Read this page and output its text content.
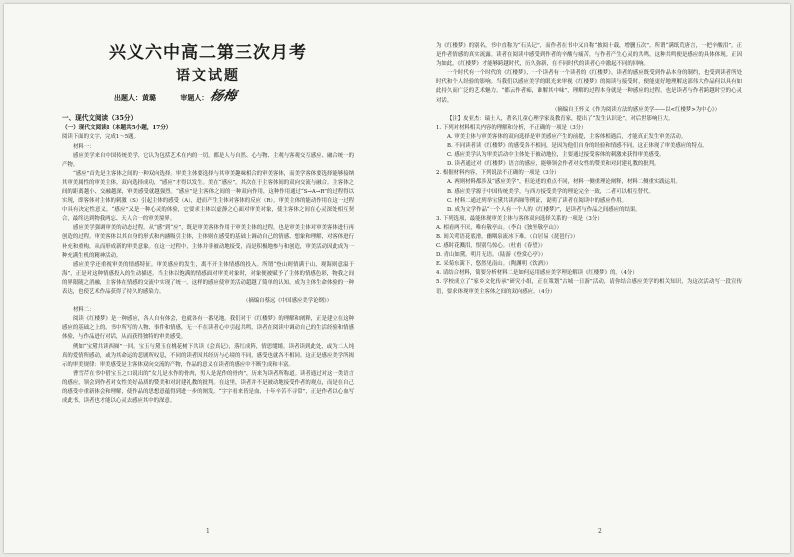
兴义六中高二第三次月考
语文试题
出题人：黄璐	审题人：杨梅
一、现代文阅读（35分）
（一）现代文阅读Ⅰ（本题共5小题，17分）

阅读下面的文字，完成1～5题。

材料一：

感应美学来自中国传统美学，它认为包括艺术在内的一切，都是人与自然、心与物、主观与客观交互感应、融合统一的产物。

“感应”首先是主客体之间的一种双向选择。审美主体要选择与其审美趣味相合的审美客体，而美学客体要选择能够接纳其审美属性的审美主体。双向选择成功，“感应”才得以发生。美在“感应”，其次在于主客体间的双向交流与融合。主客体之间的距离越小、交融越深，审美感受就越强烈。“感应”是主客体之间的一种双向作用，这种作用通过“S→A→R”的过程得以实现，即客体对主体的刺激（S）引起主体的感受（A），进而产生主体对客体的反应（R）。审美主体的能动作用在这一过程中具有决定性意义。“感应”又是一种心灵的体验，它要求主体以虚静之心面对审美对象，使主客体之间在心灵深处相互契合，最终达到物我两忘、天人合一的审美境界。

感应美学强调审美的动态过程。从“感”到“应”，既是审美客体作用于审美主体的过程，也是审美主体对审美客体进行再创造的过程。审美客体以其自身的形式和内涵吸引主体，主体则在感受的基础上调动自己的情感、想象和理解，对客体进行补充和重构，从而形成新的审美意象。在这一过程中，主体并非被动地接受，而是积极地参与和创造，审美活动因此成为一种充满生机的精神活动。

感应美学还重视审美的情感特征。审美感应的发生，离不开主体情感的投入。所谓“登山则情满于山，观海则意溢于海”，正是对这种情感投入的生动描述。当主体以饱满的情感面对审美对象时，对象便被赋予了主体的情感色彩，物我之间的界限随之消融，主客体在情感的交流中实现了统一。这样的感应使审美活动超越了简单的认知，成为主体生命体验的一种表达，也使艺术作品获得了持久的感染力。

（摘编自蔡远《中国感应美学论纲》）

材料二：

阅读《红楼梦》是一种感应，各人自有体会，也就各有一番见地。我们对于《红楼梦》的理解和阐释，正是建立在这种感应的基础之上的。书中所写的人物、事件和情感，无一不在读者心中引起共鸣，读者在阅读中调动自己的生活经验和情感体验，与作品进行对话，从而获得独特的审美感受。

例如“宝黛共读西厢”一回，宝玉与黛玉在桃花树下共读《会真记》，落红成阵，情思缱绻。读者读到此处，或为二人纯真的爱情所感动，或为其命运的悲剧所叹息，不同的读者因其经历与心境的不同，感受也就各不相同。这正是感应美学所揭示的审美规律：审美感受是主客体双向交流的产物，作品的意义在读者的感应中不断生成和丰富。

曹雪芹在书中借宝玉之口说出的“女儿是水作的骨肉，男人是泥作的骨肉”，历来为读者所称道。读者通过对这一类语言的感应，领会到作者对女性美好品质的赞美和对封建礼教的批判。在这里，读者并不是被动地接受作者的观点，而是在自己的感受中重新体会和理解，使作品的思想意蕴得到进一步的阐发。“字字看来皆是血，十年辛苦不寻常”，正是作者以心血写成此书，读者也才能以心灵去感应其中的深意。

1

为《红楼梦》的别名，书中直称为“石头记”，而作者在书中又自称“披阅十载，增删五次”。所谓“满纸荒唐言，一把辛酸泪”，正是作者情感的真实流露。读者在阅读中感受到作者的辛酸与痛苦，与作者产生心灵的共鸣，这种共鸣便是感应的具体体现。正因为如此，《红楼梦》才能够跨越时代，历久弥新，在不同时代的读者心中激起不同的回响。

一个时代有一个时代的《红楼梦》，一个读者有一个读者的《红楼梦》。读者的感应既受到作品本身的制约，也受到读者所处时代和个人经验的影响。当我们以感应美学的眼光来审视《红楼梦》的阅读与接受时，便能更好地理解这部伟大作品何以具有如此持久而广泛的艺术魅力。“都云作者痴，谁解其中味”，理解的过程本身就是一种感应的过程，也是读者与作者跨越时空的心灵对话。

（摘编自王怀义《作为阅读方法的感应美学——以<红楼梦>为中心》）

【注】皮亚杰：瑞士人，著名儿童心理学家及教育家，提出了“发生认识论”，对后世影响巨大。

1. 下列对材料相关内容的理解和分析，不正确的一项是（3分）

A. 审美主体与审美客体的双向选择是审美感应产生的前提，主客体相遇后，才能真正发生审美活动。

B. 不同读者读《红楼梦》的感受各不相同，是因为他们自身的经验和情感不同，这正体现了审美感应的特点。

C. 感应美学认为审美活动中主体处于被动地位，主要通过接受客体的刺激来获得审美感受。

D. 读者通过对《红楼梦》语言的感应，能够领会作者对女性的赞美和对封建礼教的批判。

2. 根据材料内容，下列说法不正确的一项是（3分）

A. 两则材料都涉及“感应美学”，但论述的重点不同，材料一侧重理论阐释，材料二侧重实践运用。

B. 感应美学源于中国传统美学，与西方接受美学的理论完全一致，二者可以相互替代。

C. 材料二通过列举宝黛共读西厢等例证，说明了读者在阅读中的感应作用。

D. 成为文学作品“一个人有一个人的《红楼梦》”，是读者与作品之间感应的结果。

3. 下列选项，最能体现审美主体与客体双向选择关系的一项是（3分）

A. 相看两不厌，唯有敬亭山。（李白《独坐敬亭山》）

B. 间关莺语花底滑，幽咽泉流冰下难。（白居易《琵琶行》）

C. 感时花溅泪，恨别鸟惊心。（杜甫《春望》）

D. 青山如黛，明月无语。（陆游《登赏心亭》）

E. 采菊东篱下，悠然见南山。（陶渊明《饮酒》）

4. 请结合材料，简要分析材料二是如何运用感应美学理论解读《红楼梦》的。（4分）

5. 学校成立了“家乡文化传承”研究小组，正在策划“古城一日游”活动，请你结合感应美学的相关知识，为这次活动写一段宣传语，要求体现审美主客体之间的双向感应。（4分）

2
